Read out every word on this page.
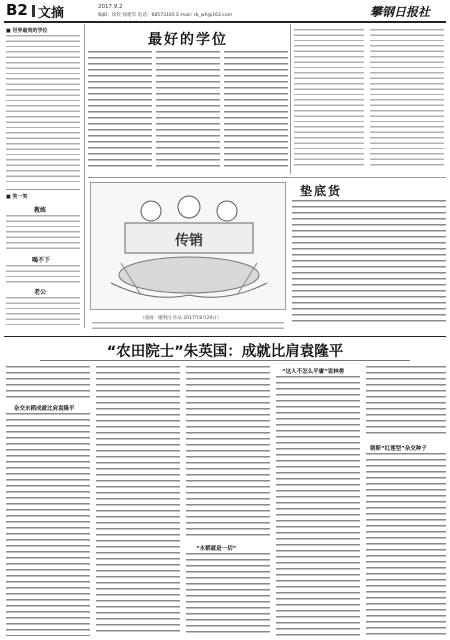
B2 文摘	2017.9.2
编辑：徐钦 徐建军 电话：68573165 E-mail: rb_wh@163.com	攀钢日报社
■ 世界最贵的学位
■ 笑一笑
教练
喝不下
老公
最好的学位
垫底货
传销
（漫画：谢明汉 作品 2017年8月29日）
“农田院士”朱英国：成就比肩袁隆平
杂交水稻成就比肩袁隆平
“水稻就是一切”
“这人不怎么平庸”说林将
朝斯“红莲型”杂交种子
